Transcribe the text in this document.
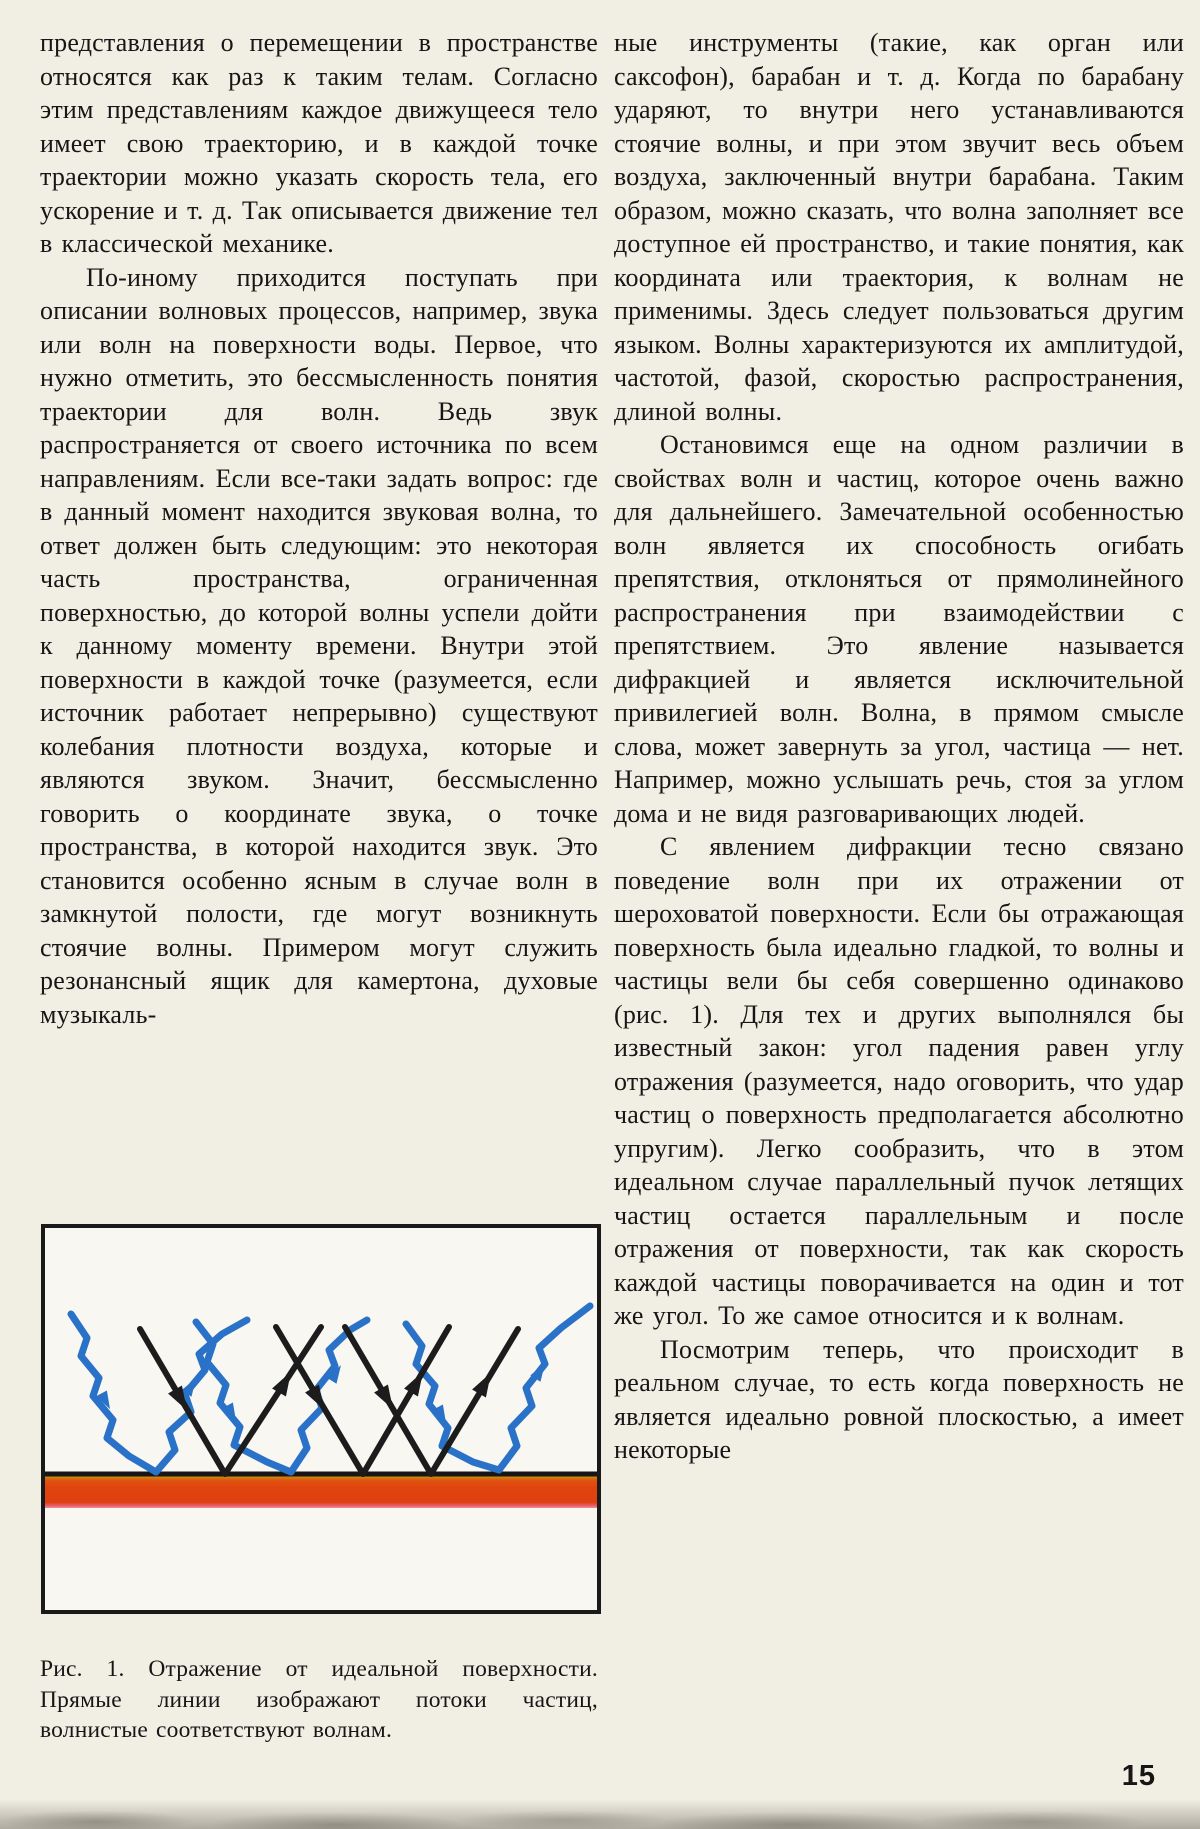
представления о перемещении в пространстве относятся как раз к таким телам. Согласно этим представлениям каждое движущееся тело имеет свою траекторию, и в каждой точке траектории можно указать скорость тела, его ускорение и т. д. Так описывается движение тел в классической механике.

По-иному приходится поступать при описании волновых процессов, например, звука или волн на поверхности воды. Первое, что нужно отметить, это бессмысленность понятия траектории для волн. Ведь звук распространяется от своего источника по всем направлениям. Если все-таки задать вопрос: где в данный момент находится звуковая волна, то ответ должен быть следующим: это некоторая часть пространства, ограниченная поверхностью, до которой волны успели дойти к данному моменту времени. Внутри этой поверхности в каждой точке (разумеется, если источник работает непрерывно) существуют колебания плотности воздуха, которые и являются звуком. Значит, бессмысленно говорить о координате звука, о точке пространства, в которой находится звук. Это становится особенно ясным в случае волн в замкнутой полости, где могут возникнуть стоячие волны. Примером могут служить резонансный ящик для камертона, духовые музыкаль-

Рис. 1. Отражение от идеальной поверхности. Прямые линии изображают потоки частиц, волнистые соответствуют волнам.

ные инструменты (такие, как орган или саксофон), барабан и т. д. Когда по барабану ударяют, то внутри него устанавливаются стоячие волны, и при этом звучит весь объем воздуха, заключенный внутри барабана. Таким образом, можно сказать, что волна заполняет все доступное ей пространство, и такие понятия, как координата или траектория, к волнам не применимы. Здесь следует пользоваться другим языком. Волны характеризуются их амплитудой, частотой, фазой, скоростью распространения, длиной волны.

Остановимся еще на одном различии в свойствах волн и частиц, которое очень важно для дальнейшего. Замечательной особенностью волн является их способность огибать препятствия, отклоняться от прямолинейного распространения при взаимодействии с препятствием. Это явление называется дифракцией и является исключительной привилегией волн. Волна, в прямом смысле слова, может завернуть за угол, частица — нет. Например, можно услышать речь, стоя за углом дома и не видя разговаривающих людей.

С явлением дифракции тесно связано поведение волн при их отражении от шероховатой поверхности. Если бы отражающая поверхность была идеально гладкой, то волны и частицы вели бы себя совершенно одинаково (рис. 1). Для тех и других выполнялся бы известный закон: угол падения равен углу отражения (разумеется, надо оговорить, что удар частиц о поверхность предполагается абсолютно упругим). Легко сообразить, что в этом идеальном случае параллельный пучок летящих частиц остается параллельным и после отражения от поверхности, так как скорость каждой частицы поворачивается на один и тот же угол. То же самое относится и к волнам.

Посмотрим теперь, что происходит в реальном случае, то есть когда поверхность не является идеально ровной плоскостью, а имеет некоторые

15
